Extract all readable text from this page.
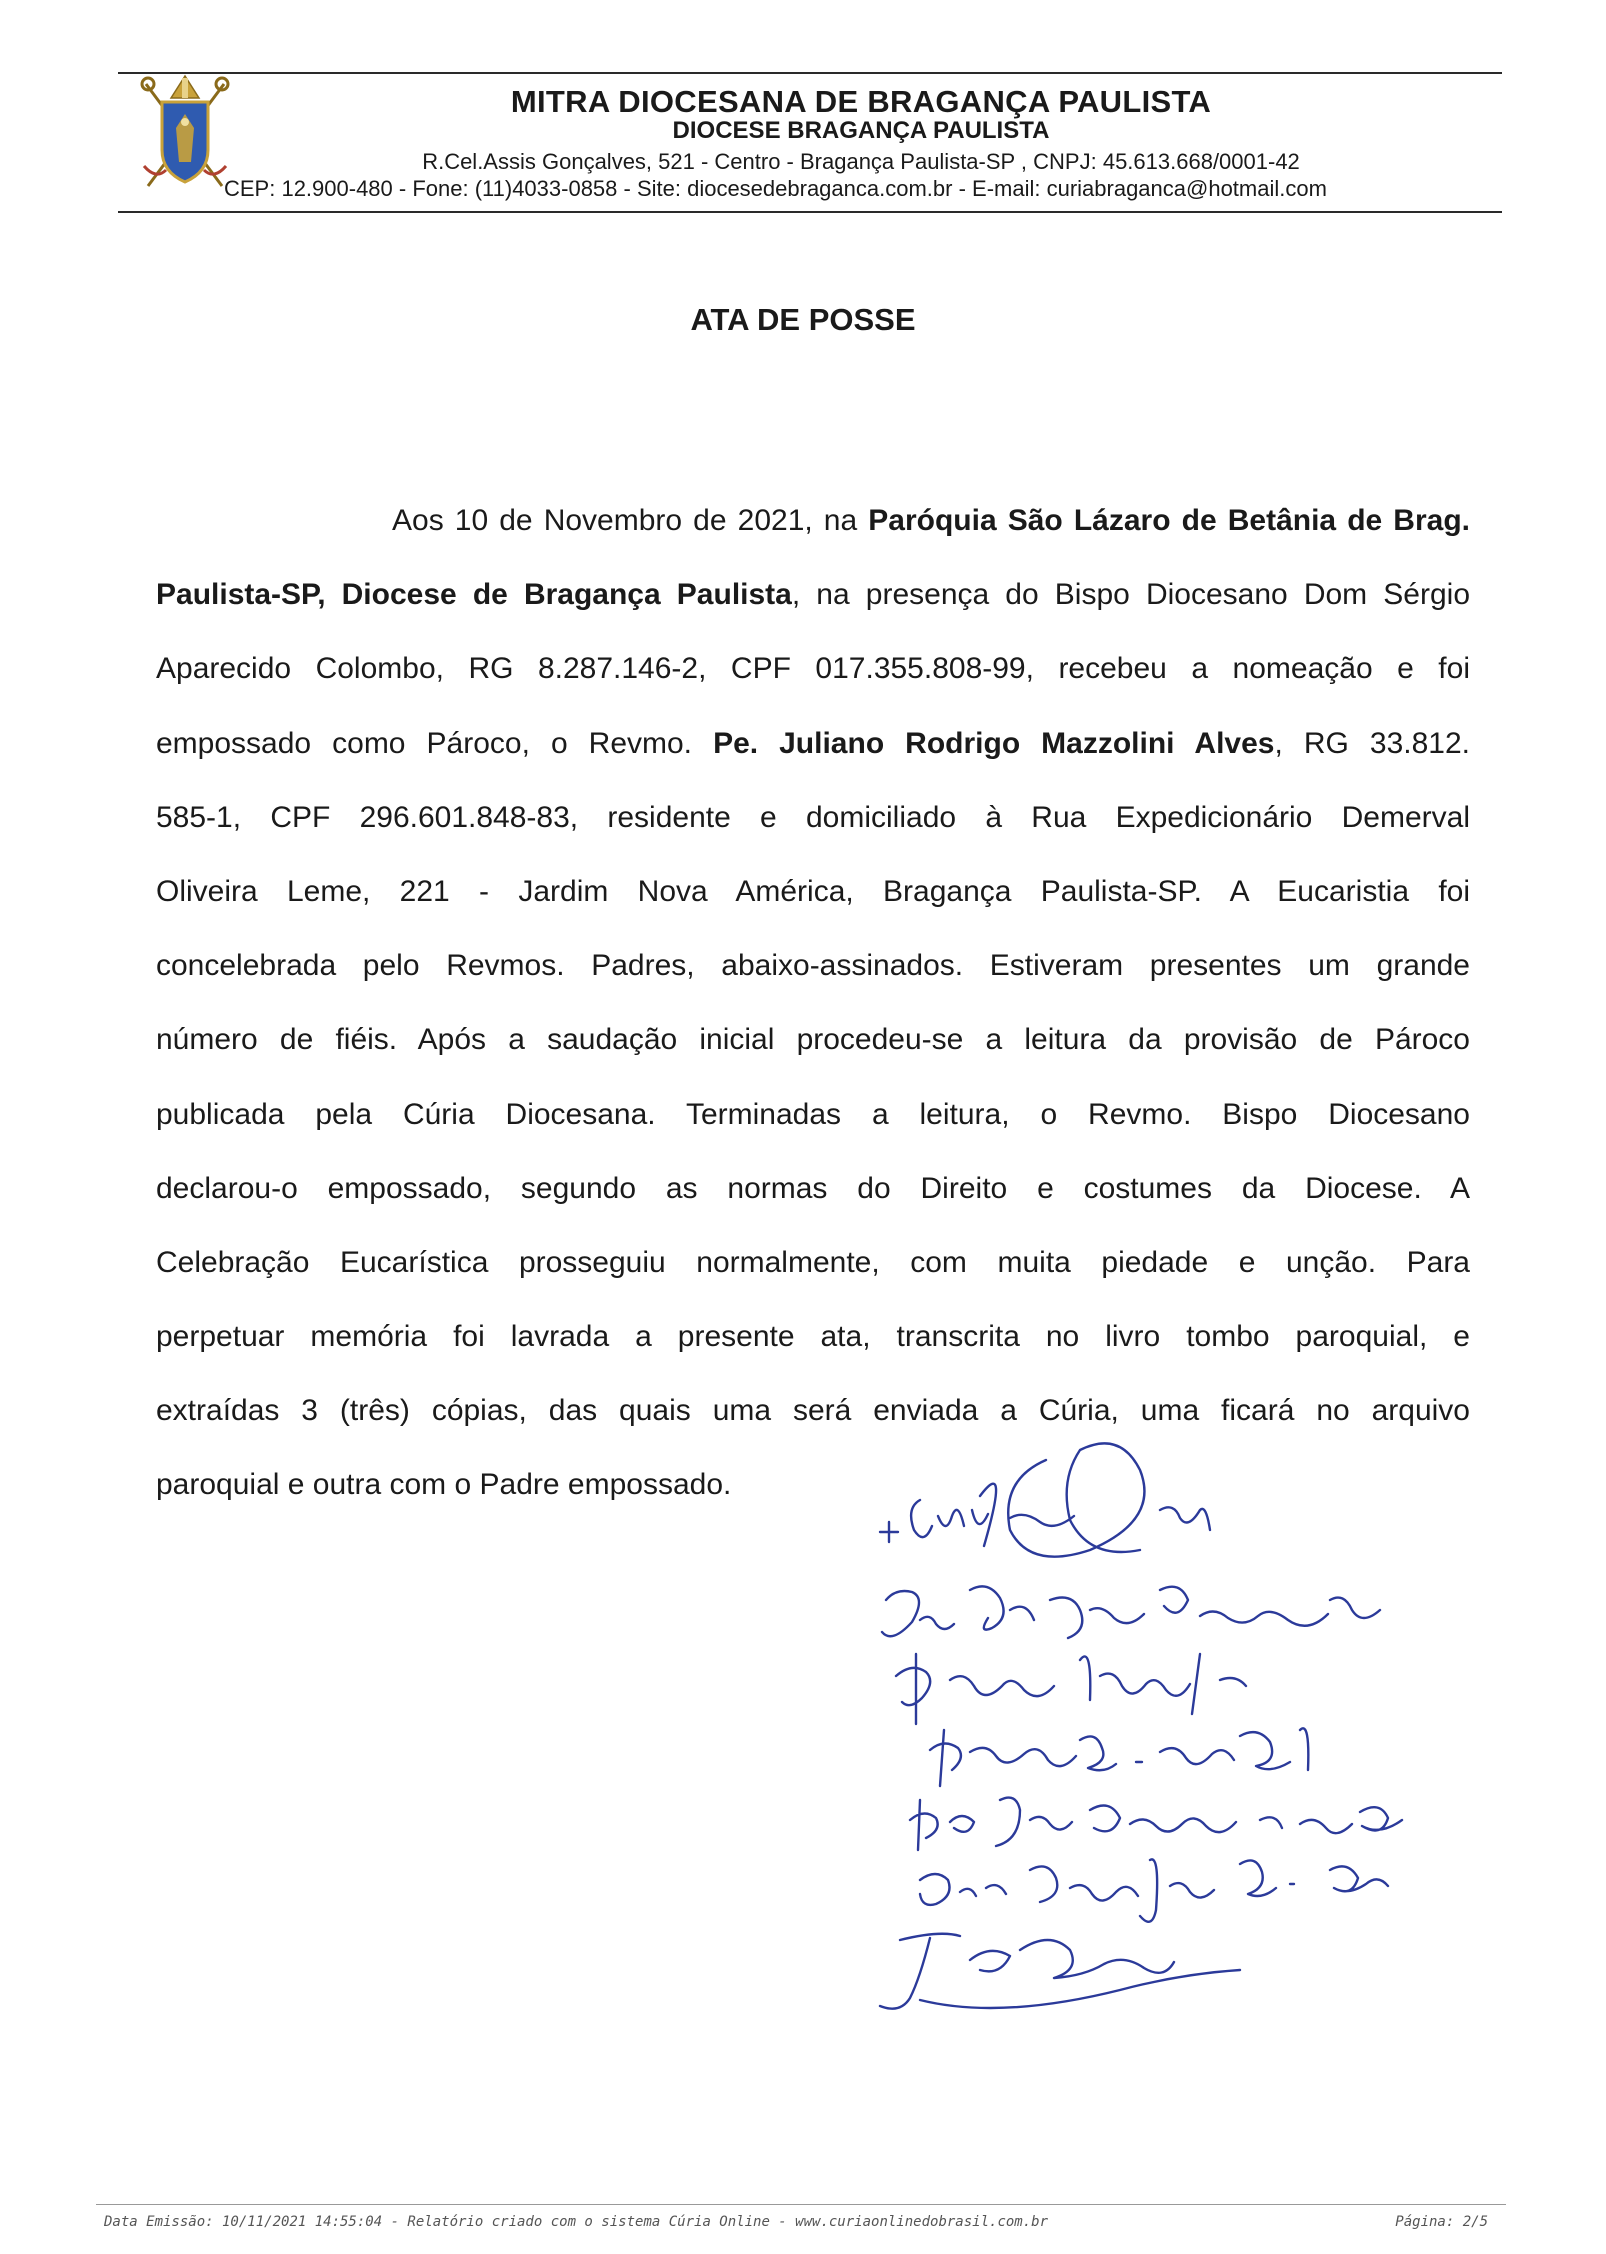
MITRA DIOCESANA DE BRAGANÇA PAULISTA
DIOCESE BRAGANÇA PAULISTA
R.Cel.Assis Gonçalves, 521 - Centro - Bragança Paulista-SP , CNPJ: 45.613.668/0001-42
CEP: 12.900-480 - Fone: (11)4033-0858 - Site: diocesedebraganca.com.br - E-mail: curiabraganca@hotmail.com
ATA DE POSSE
Aos 10 de Novembro de 2021, na Paróquia São Lázaro de Betânia de Brag.
Paulista-SP, Diocese de Bragança Paulista, na presença do Bispo Diocesano Dom Sérgio
Aparecido Colombo, RG 8.287.146-2, CPF 017.355.808-99, recebeu a nomeação e foi
empossado como Pároco, o Revmo. Pe. Juliano Rodrigo Mazzolini Alves, RG 33.812.
585-1, CPF 296.601.848-83, residente e domiciliado à Rua Expedicionário Demerval
Oliveira Leme, 221 - Jardim Nova América, Bragança Paulista-SP. A Eucaristia foi
concelebrada pelo Revmos. Padres, abaixo-assinados. Estiveram presentes um grande
número de fiéis. Após a saudação inicial procedeu-se a leitura da provisão de Pároco
publicada pela Cúria Diocesana. Terminadas a leitura, o Revmo. Bispo Diocesano
declarou-o empossado, segundo as normas do Direito e costumes da Diocese. A
Celebração Eucarística prosseguiu normalmente, com muita piedade e unção. Para
perpetuar memória foi lavrada a presente ata, transcrita no livro tombo paroquial, e
extraídas 3 (três) cópias, das quais uma será enviada a Cúria, uma ficará no arquivo
paroquial e outra com o Padre empossado.
Data Emissão: 10/11/2021 14:55:04 - Relatório criado com o sistema Cúria Online - www.curiaonlinedobrasil.com.br	Página: 2/5
